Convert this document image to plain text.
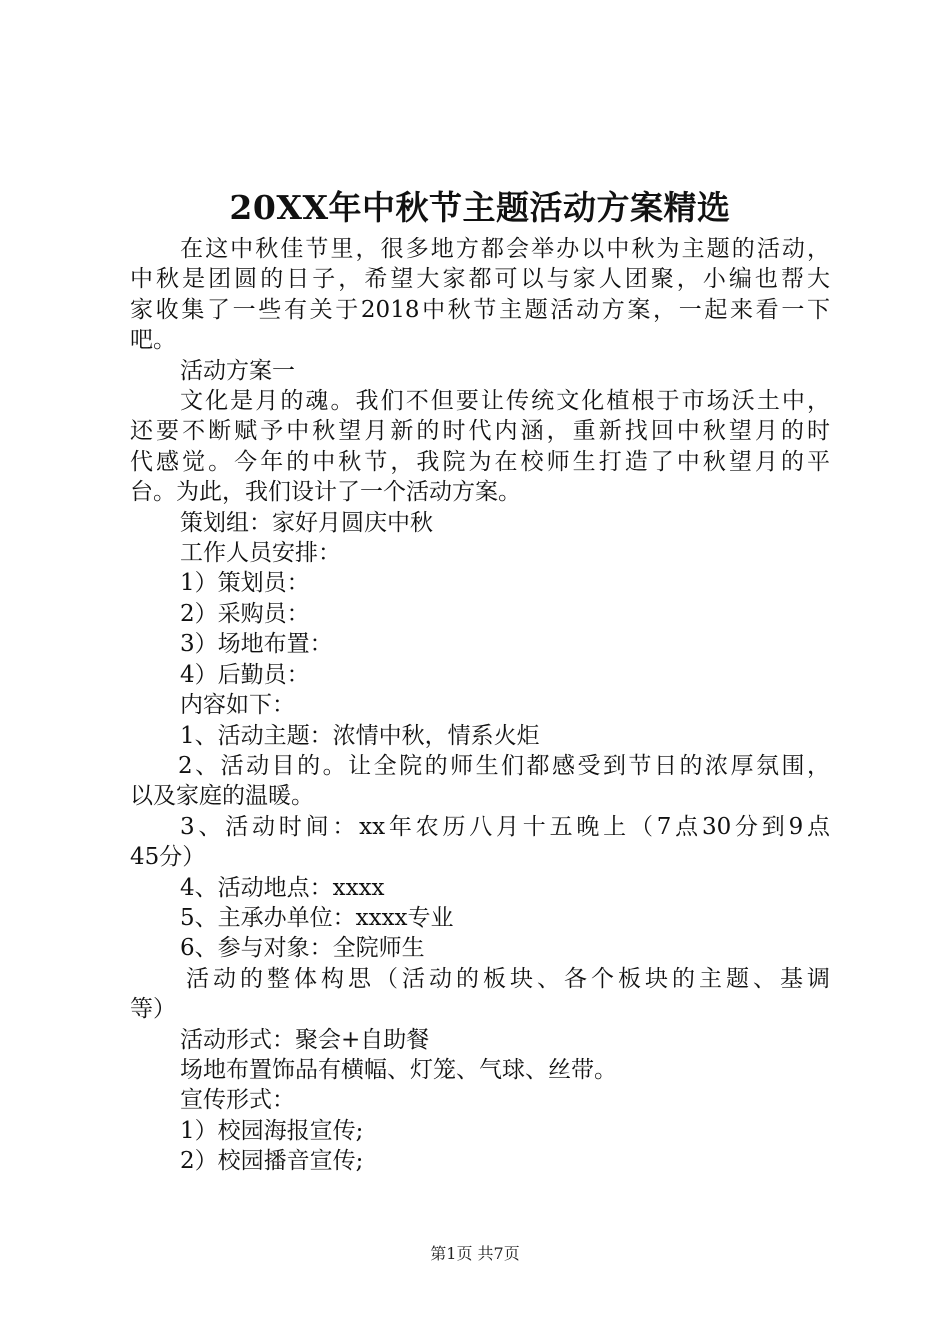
20XX年中秋节主题活动方案精选
在这中秋佳节里，很多地方都会举办以中秋为主题的活动，
中秋是团圆的日子，希望大家都可以与家人团聚，小编也帮大
家收集了一些有关于2018中秋节主题活动方案，一起来看一下
吧。
活动方案一
文化是月的魂。我们不但要让传统文化植根于市场沃土中，
还要不断赋予中秋望月新的时代内涵，重新找回中秋望月的时
代感觉。今年的中秋节，我院为在校师生打造了中秋望月的平
台。为此，我们设计了一个活动方案。
策划组：家好月圆庆中秋
工作人员安排：
1）策划员：
2）采购员：
3）场地布置：
4）后勤员：
内容如下：
1、活动主题：浓情中秋，情系火炬
2、活动目的。让全院的师生们都感受到节日的浓厚氛围，
以及家庭的温暖。
3、活动时间：xx年农历八月十五晚上（7点30分到9点
45分）
4、活动地点：xxxx
5、主承办单位：xxxx专业
6、参与对象：全院师生
活动的整体构思（活动的板块、各个板块的主题、基调
等）
活动形式：聚会+自助餐
场地布置饰品有横幅、灯笼、气球、丝带。
宣传形式：
1）校园海报宣传;
2）校园播音宣传;
第1页 共7页
